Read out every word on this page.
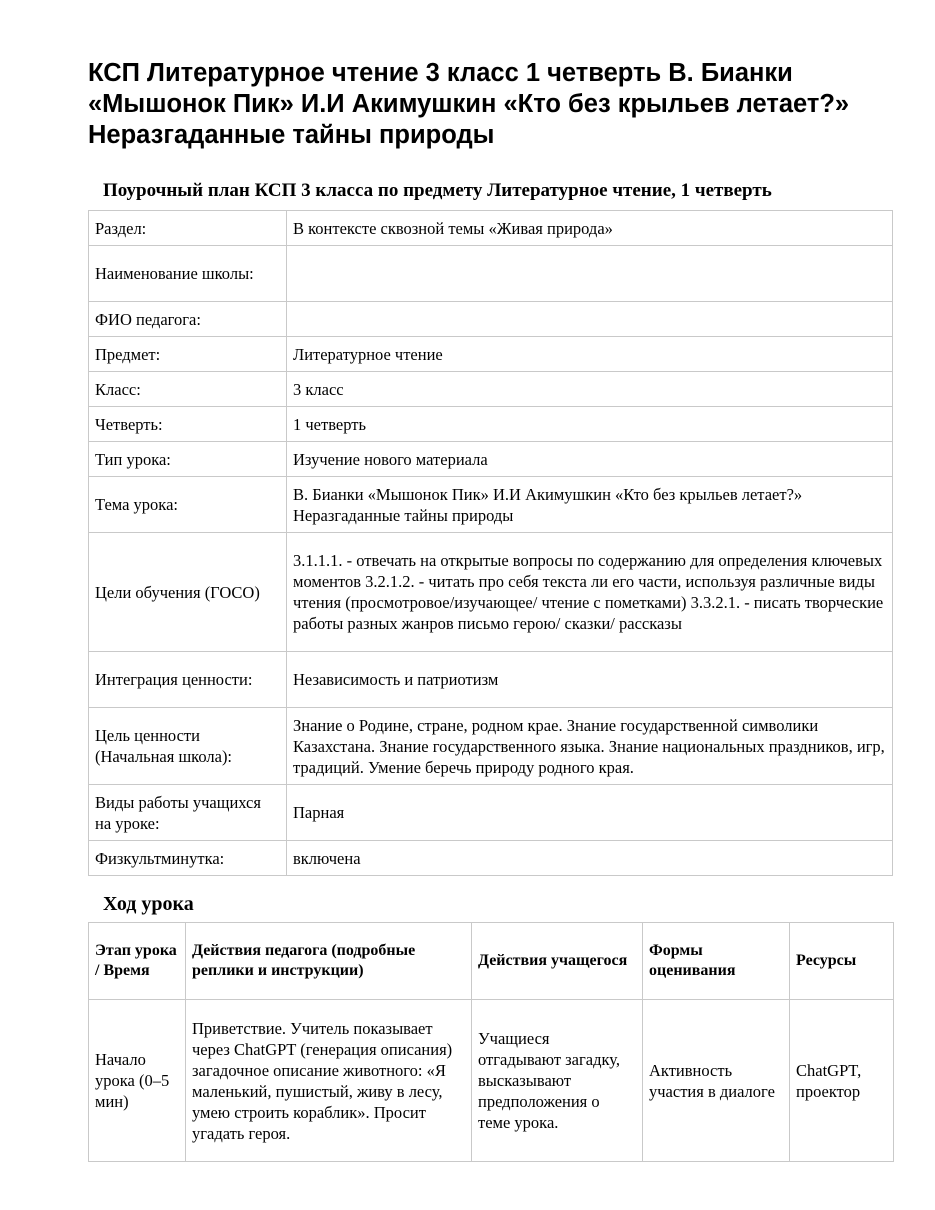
КСП Литературное чтение 3 класс 1 четверть В. Бианки «Мышонок Пик» И.И Акимушкин «Кто без крыльев летает?» Неразгаданные тайны природы
Поурочный план КСП 3 класса по предмету Литературное чтение, 1 четверть
Раздел:	В контексте сквозной темы «Живая природа»
Наименование школы:	
ФИО педагога:	
Предмет:	Литературное чтение
Класс:	3 класс
Четверть:	1 четверть
Тип урока:	Изучение нового материала
Тема урока:	В. Бианки «Мышонок Пик» И.И Акимушкин «Кто без крыльев летает?» Неразгаданные тайны природы
Цели обучения (ГОСО)	3.1.1.1. - отвечать на открытые вопросы по содержанию для определения ключевых моментов 3.2.1.2. - читать про себя текста ли его части, используя различные виды чтения (просмотровое/изучающее/ чтение с пометками) 3.3.2.1. - писать творческие работы разных жанров письмо герою/ сказки/ рассказы
Интеграция ценности:	Независимость и патриотизм
Цель ценности (Начальная школа):	Знание о Родине, стране, родном крае. Знание государственной символики Казахстана. Знание государственного языка. Знание национальных праздников, игр, традиций. Умение беречь природу родного края.
Виды работы учащихся на уроке:	Парная
Физкультминутка:	включена
Ход урока
Этап урока / Время	Действия педагога (подробные реплики и инструкции)	Действия учащегося	Формы оценивания	Ресурсы
Начало урока (0–5 мин)	Приветствие. Учитель показывает через ChatGPT (генерация описания) загадочное описание животного: «Я маленький, пушистый, живу в лесу, умею строить кораблик». Просит угадать героя.	Учащиеся отгадывают загадку, высказывают предположения о теме урока.	Активность участия в диалоге	ChatGPT, проектор
